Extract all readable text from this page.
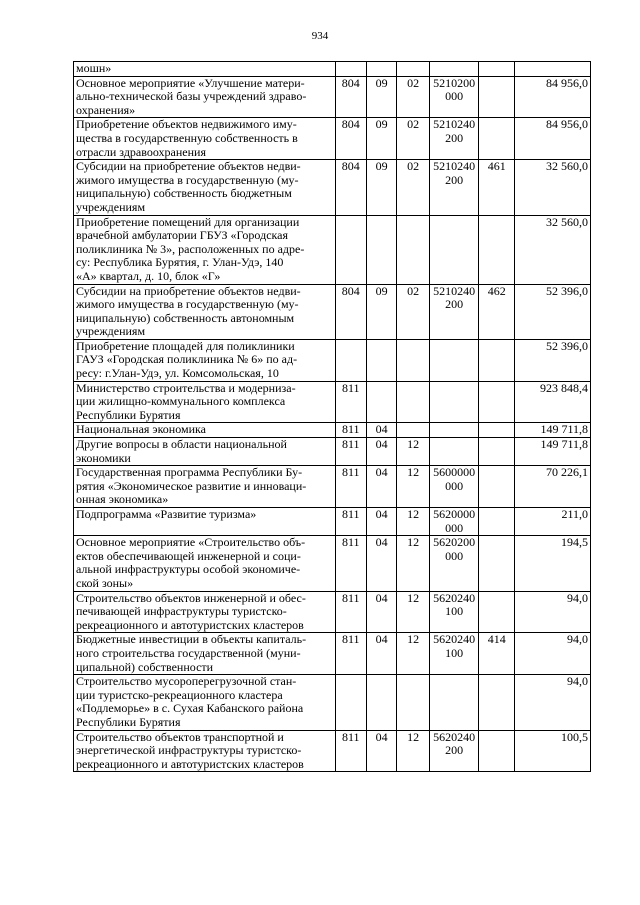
934
мошн»						
Основное мероприятие «Улучшение матери-
ально-технической базы учреждений здраво-
охранения»	804	09	02	5210200
000		84 956,0
Приобретение объектов недвижимого иму-
щества в государственную собственность в
отрасли здравоохранения	804	09	02	5210240
200		84 956,0
Субсидии на приобретение объектов недви-
жимого имущества в государственную (му-
ниципальную) собственность бюджетным
учреждениям	804	09	02	5210240
200	461	32 560,0
Приобретение помещений для организации
врачебной амбулатории ГБУЗ «Городская
поликлиника № 3», расположенных по адре-
су: Республика Бурятия, г. Улан-Удэ, 140
«А» квартал, д. 10, блок «Г»						32 560,0
Субсидии на приобретение объектов недви-
жимого имущества в государственную (му-
ниципальную) собственность автономным
учреждениям	804	09	02	5210240
200	462	52 396,0
Приобретение площадей для поликлиники
ГАУЗ «Городская поликлиника № 6» по ад-
ресу: г.Улан-Удэ, ул. Комсомольская, 10						52 396,0
Министерство строительства и модерниза-
ции жилищно-коммунального комплекса
Республики Бурятия	811					923 848,4
Национальная экономика	811	04				149 711,8
Другие вопросы в области национальной
экономики	811	04	12			149 711,8
Государственная программа Республики Бу-
рятия «Экономическое развитие и инноваци-
онная экономика»	811	04	12	5600000
000		70 226,1
Подпрограмма «Развитие туризма»	811	04	12	5620000
000		211,0
Основное мероприятие «Строительство объ-
ектов обеспечивающей инженерной и соци-
альной инфраструктуры особой экономиче-
ской зоны»	811	04	12	5620200
000		194,5
Строительство объектов инженерной и обес-
печивающей инфраструктуры туристско-
рекреационного и автотуристских кластеров	811	04	12	5620240
100		94,0
Бюджетные инвестиции в объекты капиталь-
ного строительства государственной (муни-
ципальной) собственности	811	04	12	5620240
100	414	94,0
Строительство мусороперегрузочной стан-
ции туристско-рекреационного кластера
«Подлеморье» в с. Сухая Кабанского района
Республики Бурятия						94,0
Строительство объектов транспортной и
энергетической инфраструктуры туристско-
рекреационного и автотуристских кластеров	811	04	12	5620240
200		100,5
